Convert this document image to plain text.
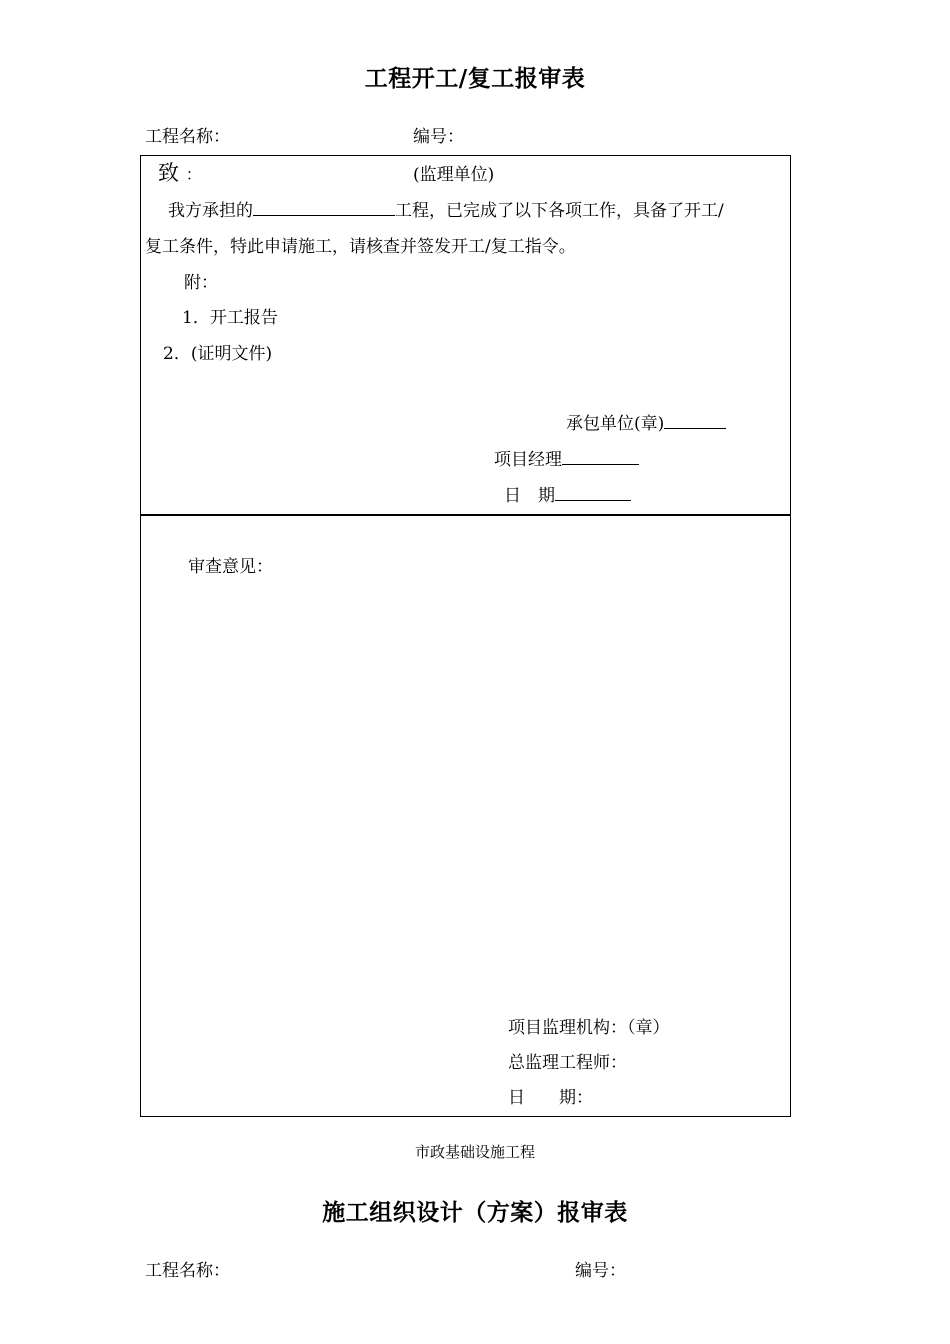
工程开工/复工报审表
工程名称：	编号：
致 ：	(监理单位)
我方承担的	工程，已完成了以下各项工作，具备了开工/
复工条件，特此申请施工，请核查并签发开工/复工指令。
附：
1．开工报告
2．(证明文件)
承包单位(章)
项目经理
日　期
审查意见：
项目监理机构：（章）
总监理工程师：
日　　期：
市政基础设施工程
施工组织设计（方案）报审表
工程名称：	编号：
